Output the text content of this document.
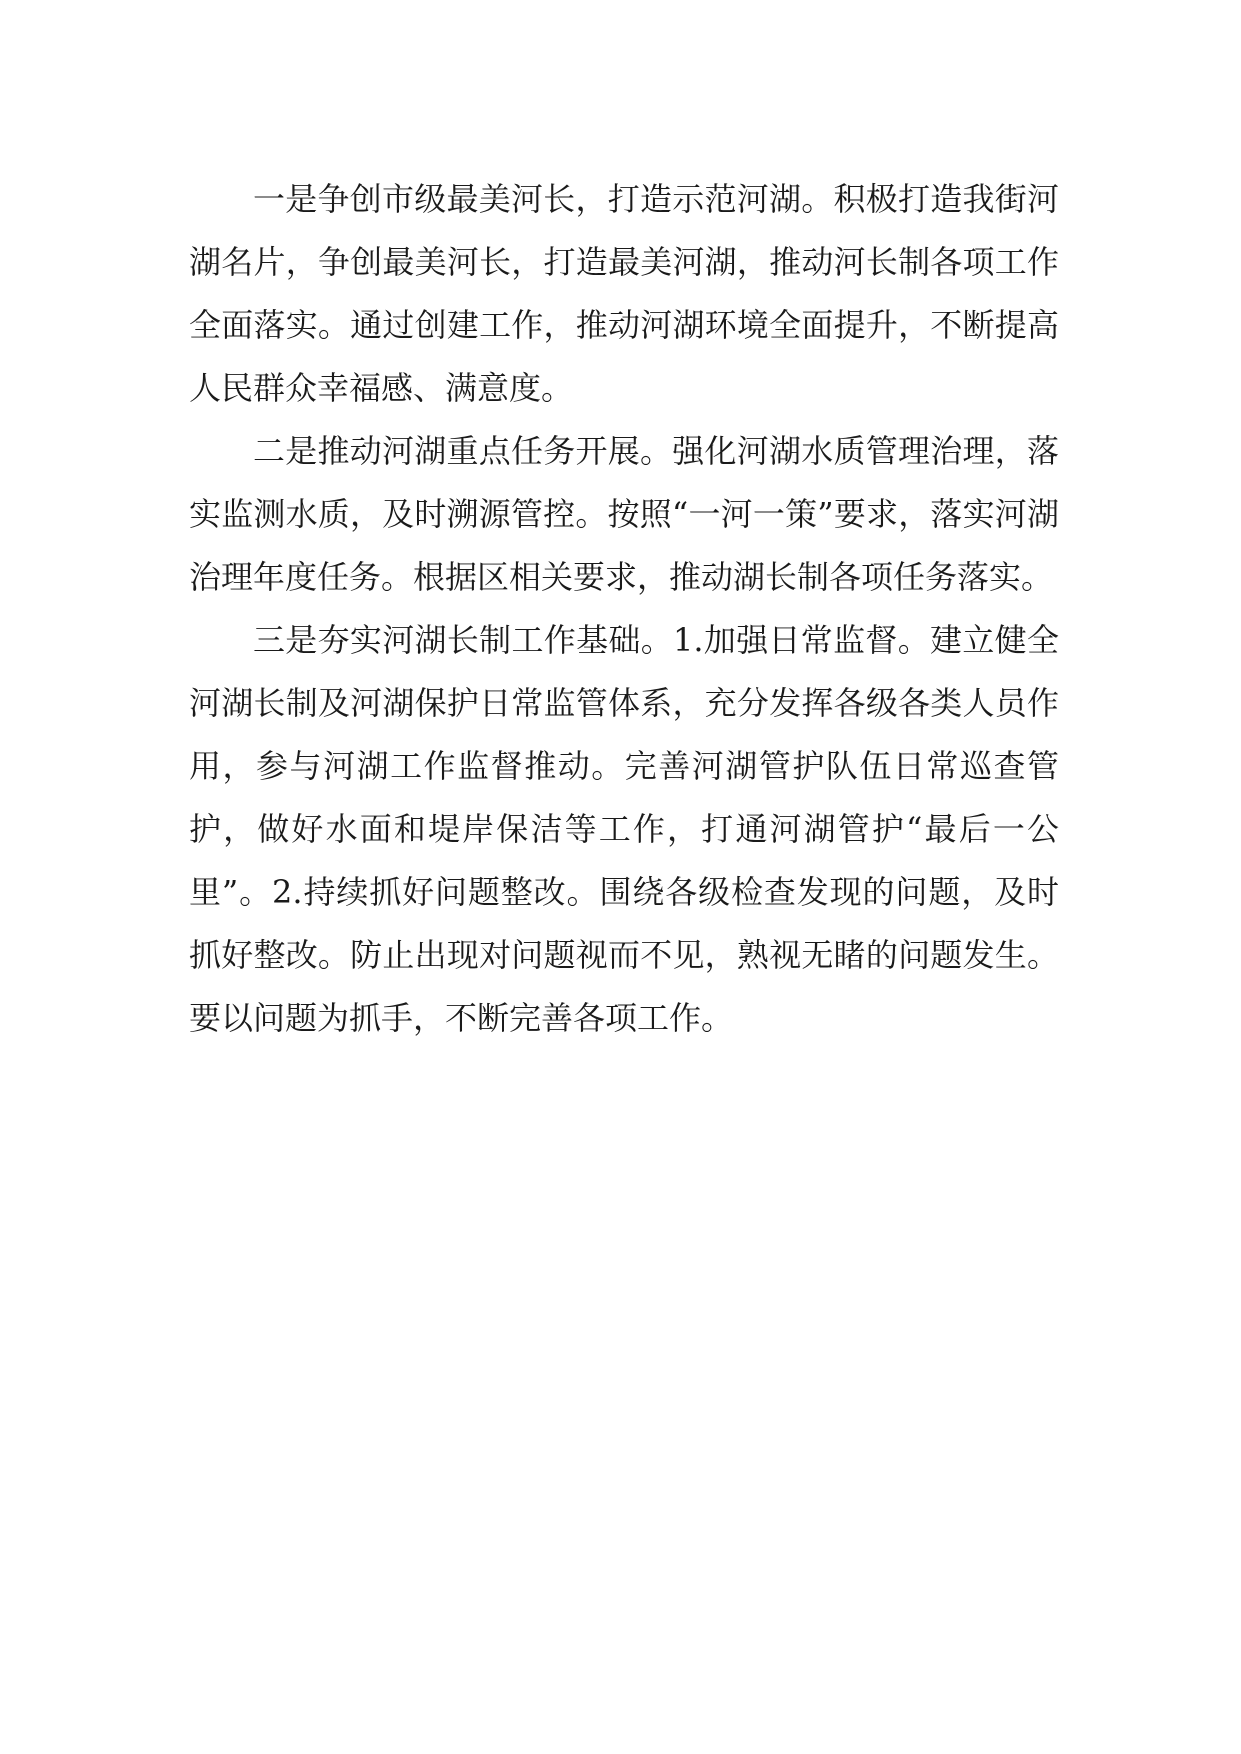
一是争创市级最美河长，打造示范河湖。积极打造我街河湖名片，争创最美河长，打造最美河湖，推动河长制各项工作全面落实。通过创建工作，推动河湖环境全面提升，不断提高人民群众幸福感、满意度。

二是推动河湖重点任务开展。强化河湖水质管理治理，落实监测水质，及时溯源管控。按照“一河一策”要求，落实河湖治理年度任务。根据区相关要求，推动湖长制各项任务落实。

三是夯实河湖长制工作基础。1.加强日常监督。建立健全河湖长制及河湖保护日常监管体系，充分发挥各级各类人员作用，参与河湖工作监督推动。完善河湖管护队伍日常巡查管护，做好水面和堤岸保洁等工作，打通河湖管护“最后一公里”。2.持续抓好问题整改。围绕各级检查发现的问题，及时抓好整改。防止出现对问题视而不见，熟视无睹的问题发生。要以问题为抓手，不断完善各项工作。
